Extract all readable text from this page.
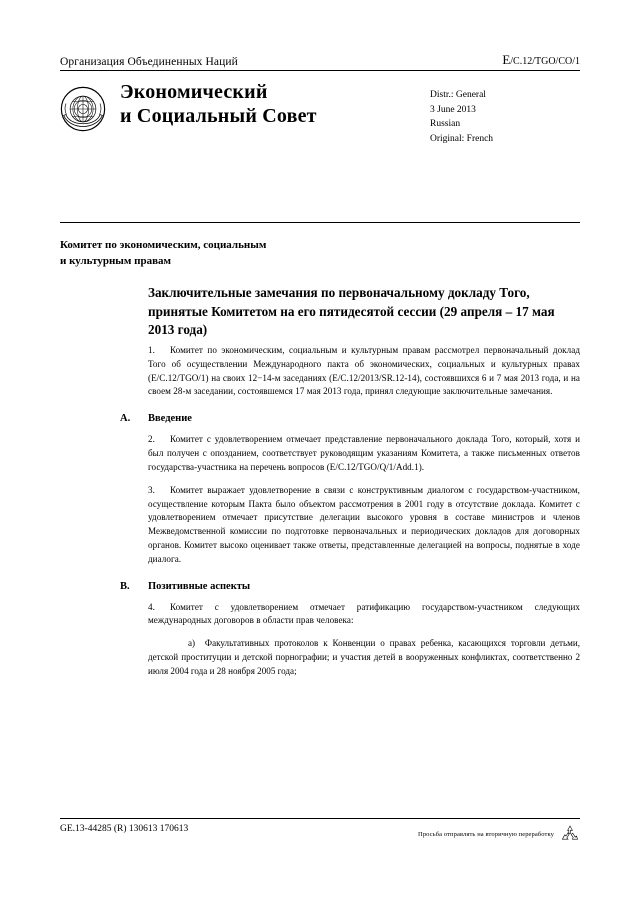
Организация Объединенных Наций	E/C.12/TGO/CO/1
Экономический
и Социальный Совет
Distr.: General
3 June 2013
Russian
Original: French
Комитет по экономическим, социальным
и культурным правам
Заключительные замечания по первоначальному докладу Того, принятые Комитетом на его пятидесятой сессии (29 апреля – 17 мая 2013 года)
1.	Комитет по экономическим, социальным и культурным правам рассмотрел первоначальный доклад Того об осуществлении Международного пакта об экономических, социальных и культурных правах (E/C.12/TGO/1) на своих 12−14-м заседаниях (E/C.12/2013/SR.12-14), состоявшихся 6 и 7 мая 2013 года, и на своем 28-м заседании, состоявшемся 17 мая 2013 года, принял следующие заключительные замечания.
A. Введение
2.	Комитет с удовлетворением отмечает представление первоначального доклада Того, который, хотя и был получен с опозданием, соответствует руководящим указаниям Комитета, а также письменных ответов государства-участника на перечень вопросов (E/C.12/TGO/Q/1/Add.1).
3.	Комитет выражает удовлетворение в связи с конструктивным диалогом с государством-участником, осуществление которым Пакта было объектом рассмотрения в 2001 году в отсутствие доклада. Комитет с удовлетворением отмечает присутствие делегации высокого уровня в составе министров и членов Межведомственной комиссии по подготовке первоначальных и периодических докладов для договорных органов. Комитет высоко оценивает также ответы, представленные делегацией на вопросы, поднятые в ходе диалога.
B. Позитивные аспекты
4.	Комитет с удовлетворением отмечает ратификацию государством-участником следующих международных договоров в области прав человека:
a) Факультативных протоколов к Конвенции о правах ребенка, касающихся торговли детьми, детской проституции и детской порнографии; и участия детей в вооруженных конфликтах, соответственно 2 июля 2004 года и 28 ноября 2005 года;
GE.13-44285 (R) 130613 170613	Просьба отправлять на вторичную переработку
